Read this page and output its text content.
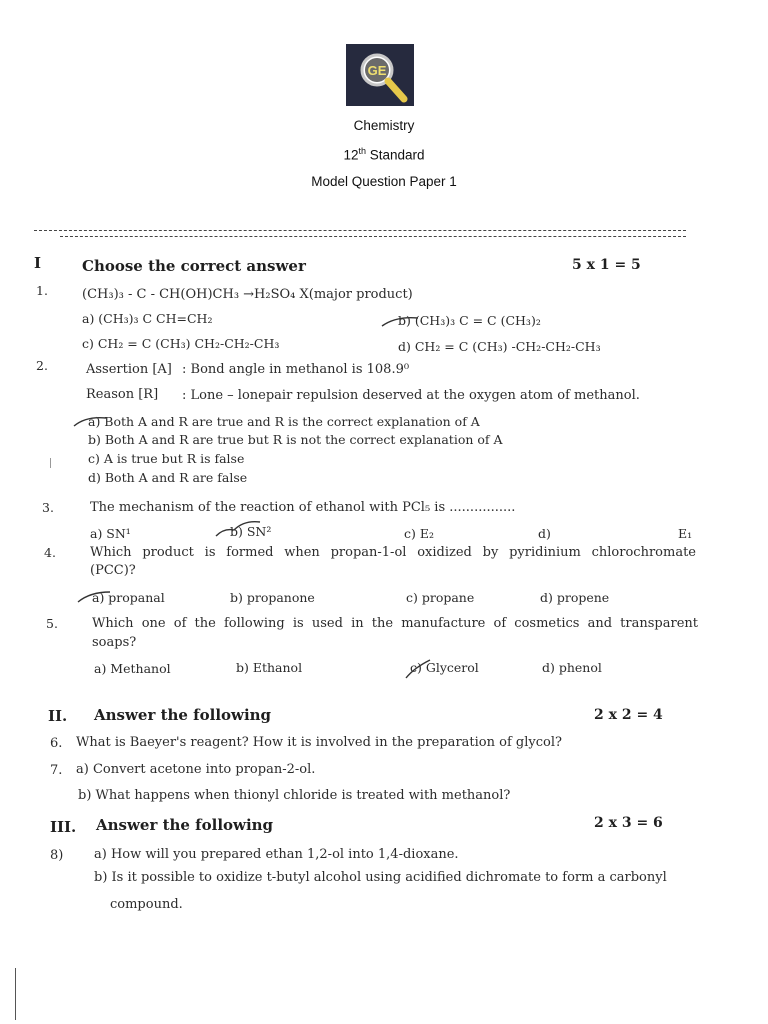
GE
Chemistry
12th Standard
Model Question Paper 1
I	Choose the correct answer	5 x 1 = 5
1.	(CH₃)₃ - C - CH(OH)CH₃ →H₂SO₄ X(major product)
a) (CH₃)₃ C CH=CH₂	b) (CH₃)₃ C = C (CH₃)₂
c) CH₂ = C (CH₃) CH₂-CH₂-CH₃	d) CH₂ = C (CH₃) -CH₂-CH₂-CH₃
2.	Assertion [A] : Bond angle in methanol is 108.9⁰
Reason [R] : Lone – lonepair repulsion deserved at the oxygen atom of methanol.
a) Both A and R are true and R is the correct explanation of A
b) Both A and R are true but R is not the correct explanation of A
c) A is true but R is false
d) Both A and R are false
3.	The mechanism of the reaction of ethanol with PCl₅ is ................
a) SN¹	b) SN²	c) E₂	d)	E₁
4.	Which product is formed when propan-1-ol oxidized by pyridinium chlorochromate
(PCC)?
a) propanal	b) propanone	c) propane	d) propene
5.	Which one of the following is used in the manufacture of cosmetics and transparent
soaps?
a) Methanol	b) Ethanol	c) Glycerol	d) phenol
II. Answer the following	2 x 2 = 4
6. What is Baeyer's reagent? How it is involved in the preparation of glycol?
7. a) Convert acetone into propan-2-ol.
b) What happens when thionyl chloride is treated with methanol?
III. Answer the following	2 x 3 = 6
8) a) How will you prepared ethan 1,2-ol into 1,4-dioxane.
b) Is it possible to oxidize t-butyl alcohol using acidified dichromate to form a carbonyl
compound.
